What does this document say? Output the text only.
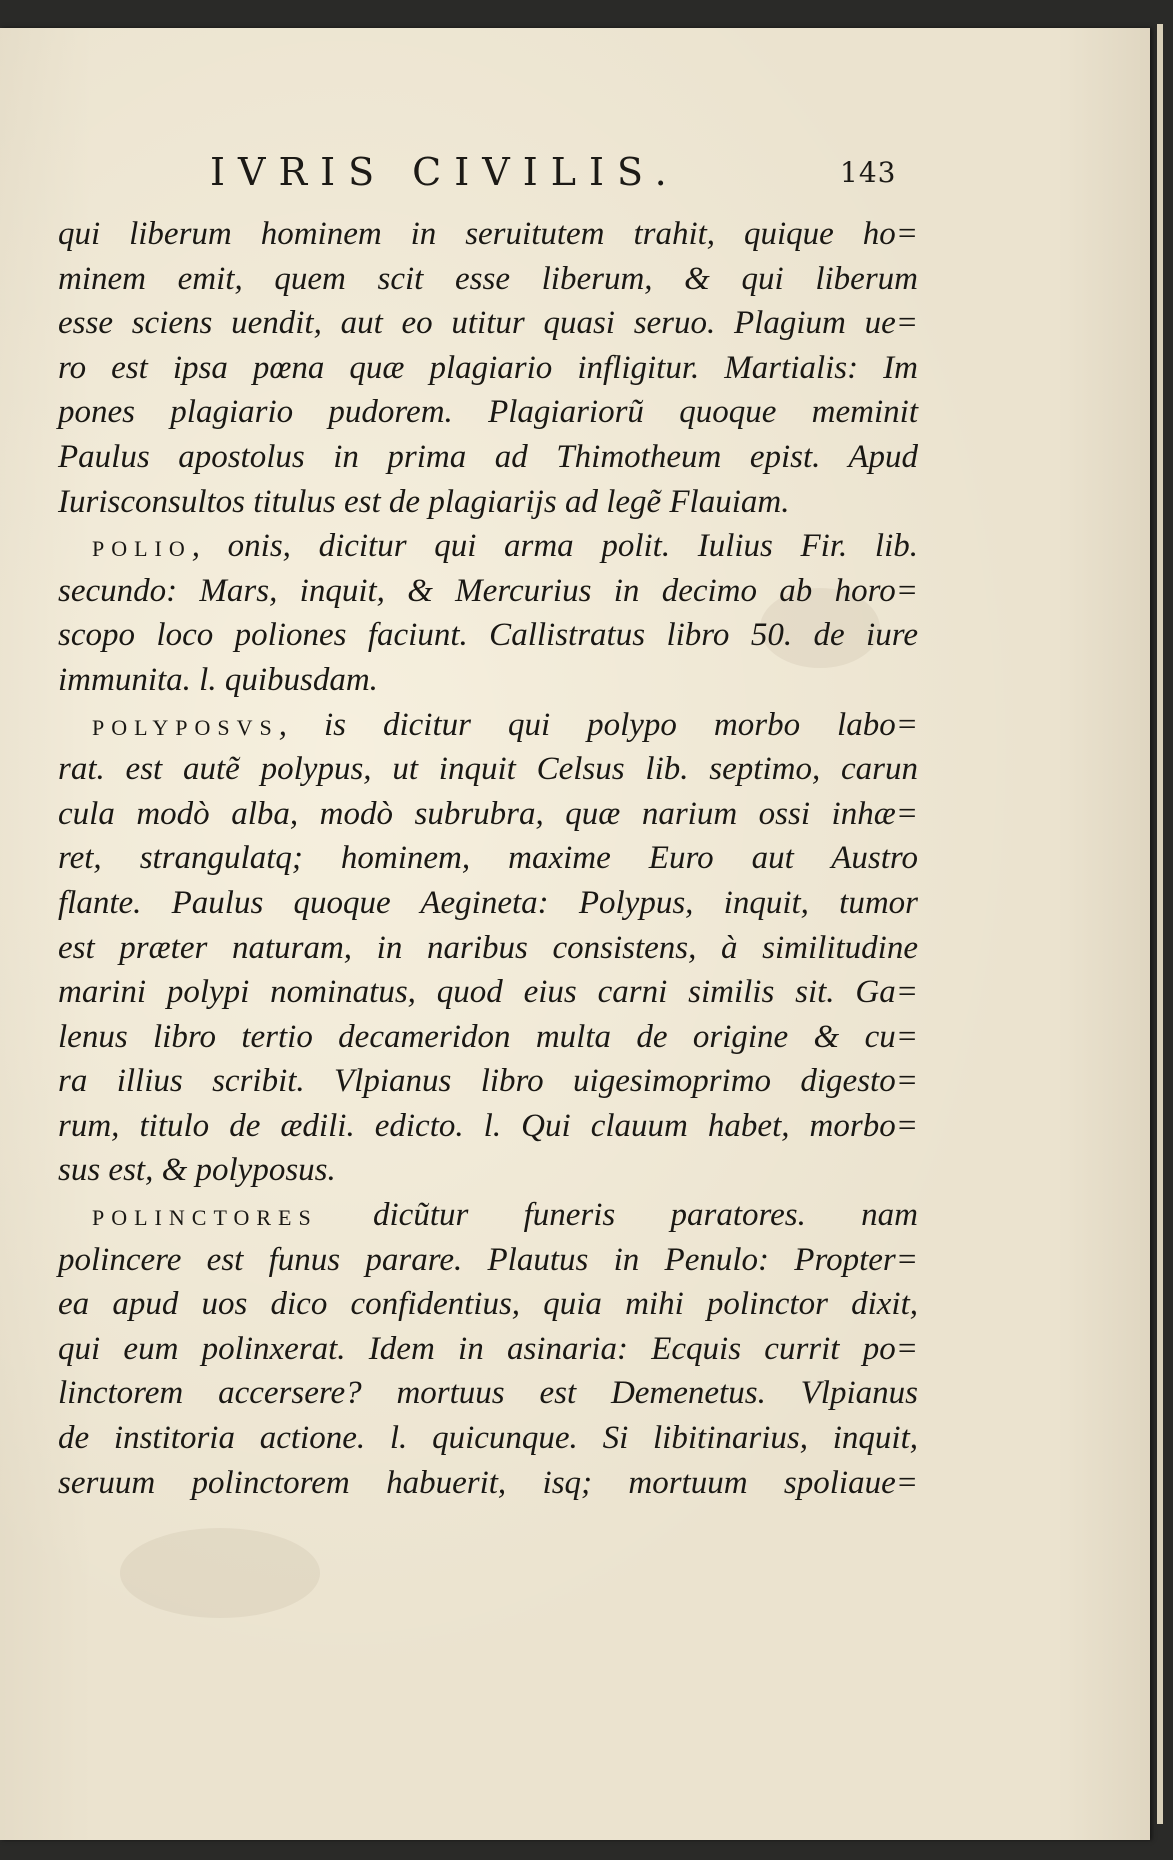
IVRIS CIVILIS.	143
qui liberum hominem in seruitutem trahit, quique ho=
minem emit, quem scit esse liberum, & qui liberum
esse sciens uendit, aut eo utitur quasi seruo. Plagium ue=
ro est ipsa pœna quæ plagiario infligitur. Martialis: Im
pones plagiario pudorem. Plagiariorũ quoque meminit
Paulus apostolus in prima ad Thimotheum epist. Apud
Iurisconsultos titulus est de plagiarijs ad legẽ Flauiam.
POLIO, onis, dicitur qui arma polit. Iulius Fir. lib.
secundo: Mars, inquit, & Mercurius in decimo ab horo=
scopo loco poliones faciunt. Callistratus libro 50. de iure
immunita. l. quibusdam.
POLYPOSVS, is dicitur qui polypo morbo labo=
rat. est autẽ polypus, ut inquit Celsus lib. septimo, carun
cula modò alba, modò subrubra, quæ narium ossi inhæ=
ret, strangulatq; hominem, maxime Euro aut Austro
flante. Paulus quoque Aegineta: Polypus, inquit, tumor
est præter naturam, in naribus consistens, à similitudine
marini polypi nominatus, quod eius carni similis sit. Ga=
lenus libro tertio decameridon multa de origine & cu=
ra illius scribit. Vlpianus libro uigesimoprimo digesto=
rum, titulo de ædili. edicto. l. Qui clauum habet, morbo=
sus est, & polyposus.
POLINCTORES dicũtur funeris paratores. nam
polincere est funus parare. Plautus in Penulo: Propter=
ea apud uos dico confidentius, quia mihi polinctor dixit,
qui eum polinxerat. Idem in asinaria: Ecquis currit po=
linctorem accersere? mortuus est Demenetus. Vlpianus
de institoria actione. l. quicunque. Si libitinarius, inquit,
seruum polinctorem habuerit, isq; mortuum spoliaue=
